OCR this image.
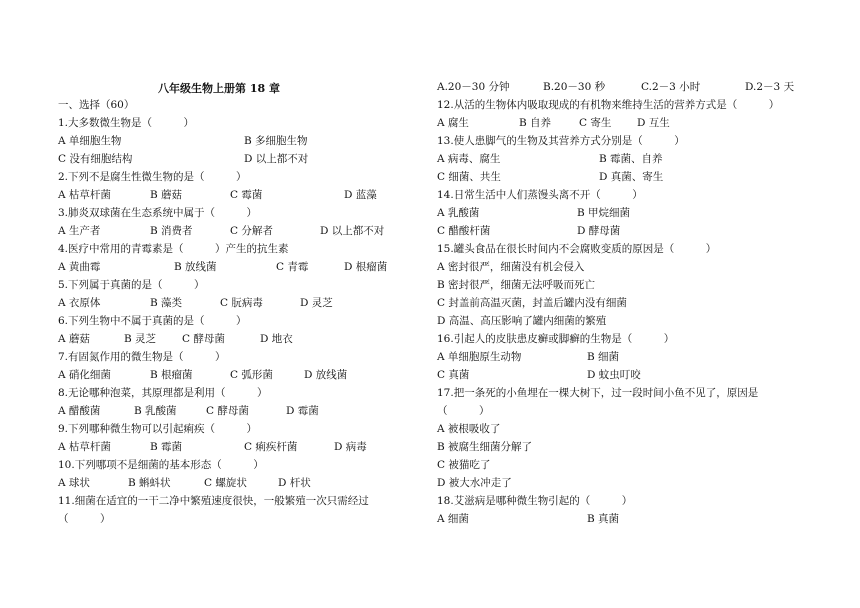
八年级生物上册第 18 章
一、选择（60）
1.大多数微生物是（　　　）
A 单细胞生物	B 多细胞生物
C 没有细胞结构	D 以上都不对
2.下列不是腐生性微生物的是（　　　）
A 枯草杆菌	B 蘑菇	C 霉菌	D 蓝藻
3.肺炎双球菌在生态系统中属于（　　　）
A 生产者	B 消费者	C 分解者	D 以上都不对
4.医疗中常用的青霉素是（　　　）产生的抗生素
A 黄曲霉	B 放线菌	C 青霉	D 根瘤菌
5.下列属于真菌的是（　　　）
A 衣原体	B 藻类	C 朊病毒	D 灵芝
6.下列生物中不属于真菌的是（　　　）
A 蘑菇	B 灵芝 C 酵母菌	D 地衣
7.有固氮作用的微生物是（　　　）
A 硝化细菌	B 根瘤菌	C 弧形菌	D 放线菌
8.无论哪种泡菜，其原理都是利用（　　　）
A 醋酸菌	B 乳酸菌	C 酵母菌	D 霉菌
9.下列哪种微生物可以引起痢疾（　　　）
A 枯草杆菌	B 霉菌	C 痢疾杆菌	D 病毒
10.下列哪项不是细菌的基本形态（　　　）
A 球状	B 蝌蚪状	C 螺旋状	D 杆状
11.细菌在适宜的一干二净中繁殖速度很快，一般繁殖一次只需经过
（　　　）
A.20－30 分钟	B.20－30 秒	C.2－3 小时	D.2－3 天
12.从活的生物体内吸取现成的有机物来维持生活的营养方式是（　　　）
A 腐生	B 自养	C 寄生 D 互生
13.使人患脚气的生物及其营养方式分别是（　　　）
A 病毒、腐生	B 霉菌、自养
C 细菌、共生	D 真菌、寄生
14.日常生活中人们蒸馒头离不开（　　　）
A 乳酸菌	B 甲烷细菌
C 醋酸杆菌	D 酵母菌
15.罐头食品在很长时间内不会腐败变质的原因是（　　　）
A 密封很严，细菌没有机会侵入
B 密封很严，细菌无法呼吸而死亡
C 封盖前高温灭菌，封盖后罐内没有细菌
D 高温、高压影响了罐内细菌的繁殖
16.引起人的皮肤患皮癣或脚癣的生物是（　　　）
A 单细胞原生动物	B 细菌
C 真菌	D 蚊虫叮咬
17.把一条死的小鱼埋在一棵大树下，过一段时间小鱼不见了，原因是
（　　　）
A 被根吸收了
B 被腐生细菌分解了
C 被猫吃了
D 被大水冲走了
18.艾滋病是哪种微生物引起的（　　　）
A 细菌	B 真菌
